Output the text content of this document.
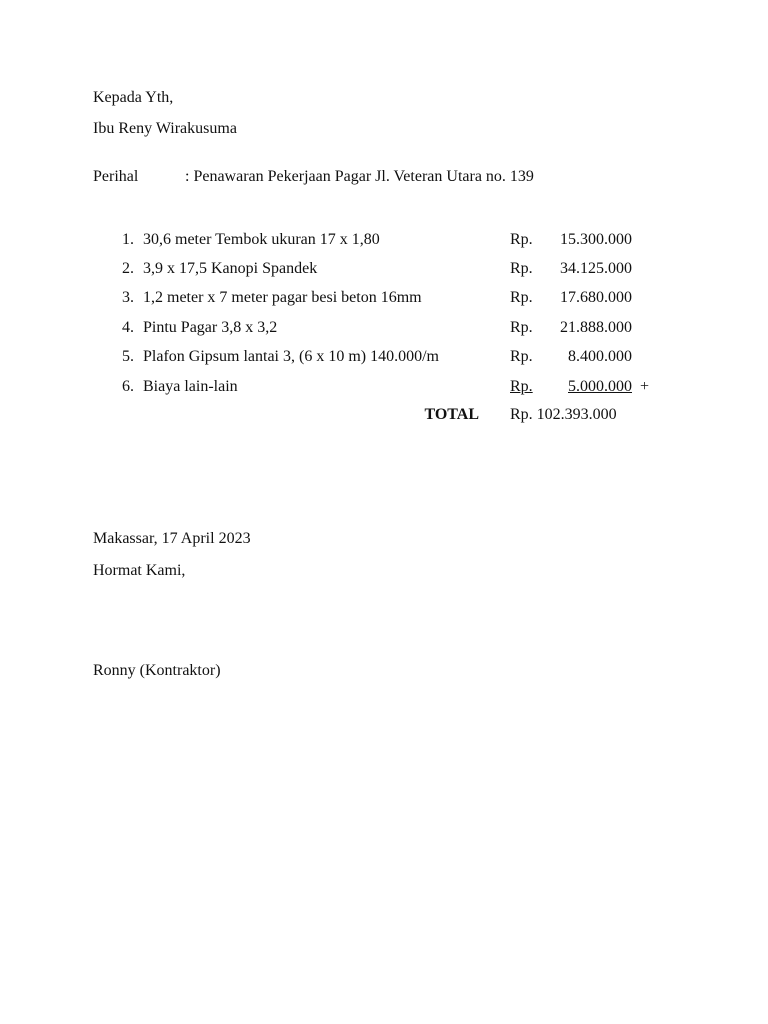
Kepada Yth,
Ibu Reny Wirakusuma
Perihal	: Penawaran Pekerjaan Pagar Jl. Veteran Utara no. 139
1. 30,6 meter Tembok ukuran 17 x 1,80	Rp.	15.300.000
2. 3,9 x 17,5 Kanopi Spandek	Rp.	34.125.000
3. 1,2 meter x 7 meter pagar besi beton 16mm	Rp.	17.680.000
4. Pintu Pagar 3,8 x 3,2	Rp.	21.888.000
5. Plafon Gipsum lantai 3, (6 x 10 m) 140.000/m	Rp.	8.400.000
6. Biaya lain-lain	Rp.	5.000.000 +
TOTAL Rp. 102.393.000
Makassar, 17 April 2023
Hormat Kami,
Ronny (Kontraktor)
